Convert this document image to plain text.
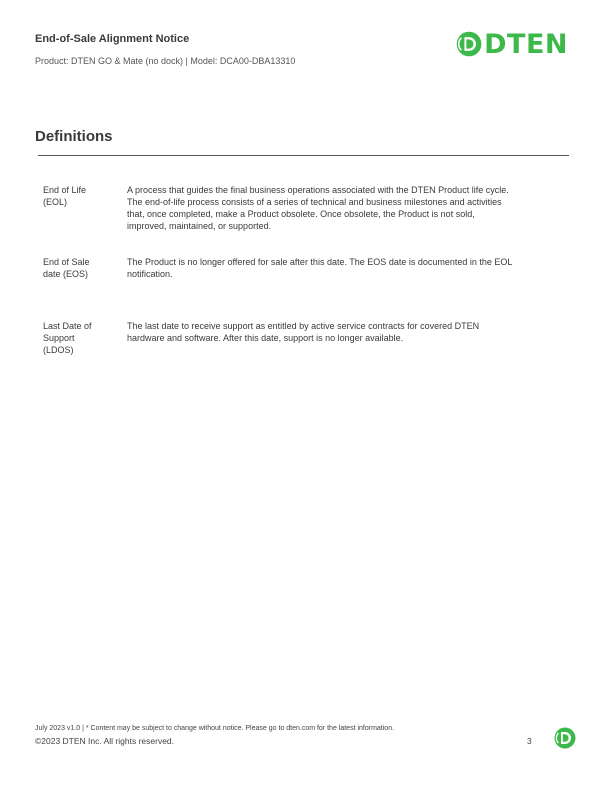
End-of-Sale Alignment Notice
Product: DTEN GO & Mate (no dock) | Model: DCA00-DBA13310
DTEN
Definitions
End of Life
(EOL)
A process that guides the final business operations associated with the DTEN Product life cycle.
The end-of-life process consists of a series of technical and business milestones and activities
that, once completed, make a Product obsolete. Once obsolete, the Product is not sold,
improved, maintained, or supported.
End of Sale
date (EOS)
The Product is no longer offered for sale after this date. The EOS date is documented in the EOL
notification.
Last Date of
Support
(LDOS)
The last date to receive support as entitled by active service contracts for covered DTEN
hardware and software. After this date, support is no longer available.
July 2023 v1.0 | * Content may be subject to change without notice. Please go to dten.com for the latest information.
©2023 DTEN Inc. All rights reserved.	3
